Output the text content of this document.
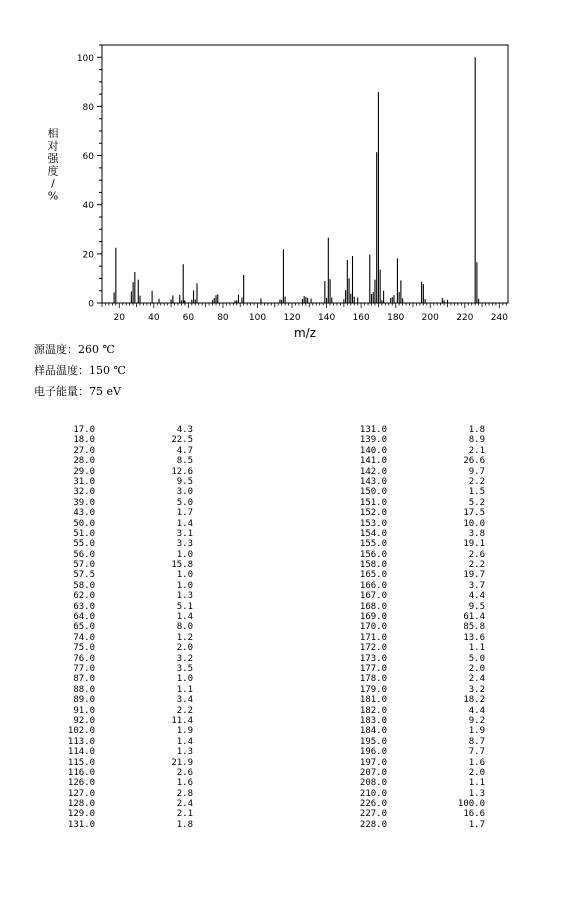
0
20
40
60
80
100
20	40	60	80 100 120 140 160 180 200 220 240
m/z
相
对
强
度
/
%
源温度：260 ℃
样品温度：150 ℃
电子能量：75 eV
17.0	4.3
18.0	22.5
27.0	4.7
28.0	8.5
29.0	12.6
31.0	9.5
32.0	3.0
39.0	5.0
43.0	1.7
50.0	1.4
51.0	3.1
55.0	3.3
56.0	1.0
57.0	15.8
57.5	1.0
58.0	1.0
62.0	1.3
63.0	5.1
64.0	1.4
65.0	8.0
74.0	1.2
75.0	2.0
76.0	3.2
77.0	3.5
87.0	1.0
88.0	1.1
89.0	3.4
91.0	2.2
92.0	11.4
102.0	1.9
113.0	1.4
114.0	1.3
115.0	21.9
116.0	2.6
126.0	1.6
127.0	2.8
128.0	2.4
129.0	2.1
131.0	1.8
131.0	1.8
139.0	8.9
140.0	2.1
141.0	26.6
142.0	9.7
143.0	2.2
150.0	1.5
151.0	5.2
152.0	17.5
153.0	10.0
154.0	3.8
155.0	19.1
156.0	2.6
158.0	2.2
165.0	19.7
166.0	3.7
167.0	4.4
168.0	9.5
169.0	61.4
170.0	85.8
171.0	13.6
172.0	1.1
173.0	5.0
177.0	2.0
178.0	2.4
179.0	3.2
181.0	18.2
182.0	4.4
183.0	9.2
184.0	1.9
195.0	8.7
196.0	7.7
197.0	1.6
207.0	2.0
208.0	1.1
210.0	1.3
226.0	100.0
227.0	16.6
228.0	1.7
